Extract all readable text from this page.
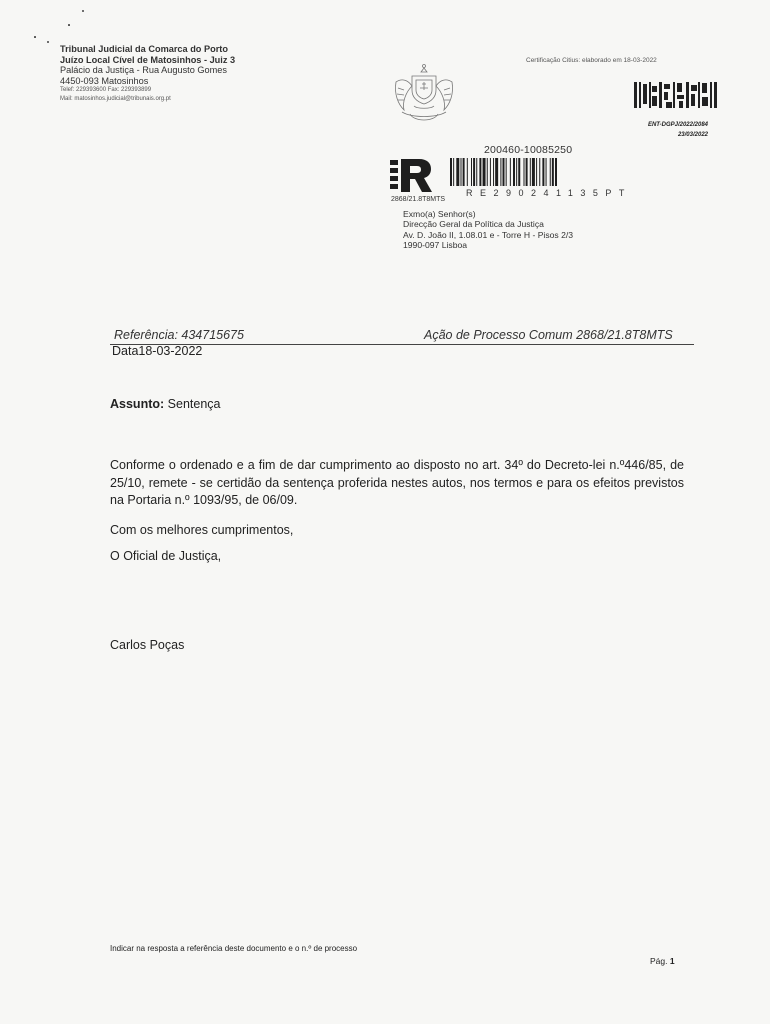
Tribunal Judicial da Comarca do Porto
Juízo Local Cível de Matosinhos - Juiz 3
Palácio da Justiça - Rua Augusto Gomes
4450-093 Matosinhos
Telef: 229393600 Fax: 229393899
Mail: matosinhos.judicial@tribunais.org.pt
Certificação Citius: elaborado em 18-03-2022
ENT-DGPJ/2022/2084
23/03/2022
200460-10085250
RE290241135PT
2868/21.8T8MTS
Exmo(a) Senhor(s)
Direcção Geral da Política da Justiça
Av. D. João II, 1.08.01 e - Torre H - Pisos 2/3
1990-097 Lisboa
Referência: 434715675	Ação de Processo Comum 2868/21.8T8MTS
Data18-03-2022
Assunto: Sentença
Conforme o ordenado e a fim de dar cumprimento ao disposto no art. 34º do Decreto-lei n.º446/85, de 25/10, remete - se certidão da sentença proferida nestes autos, nos termos e para os efeitos previstos na Portaria n.º 1093/95, de 06/09.
Com os melhores cumprimentos,
O Oficial de Justiça,
Carlos Poças
Indicar na resposta a referência deste documento e o n.º de processo
Pág. 1
